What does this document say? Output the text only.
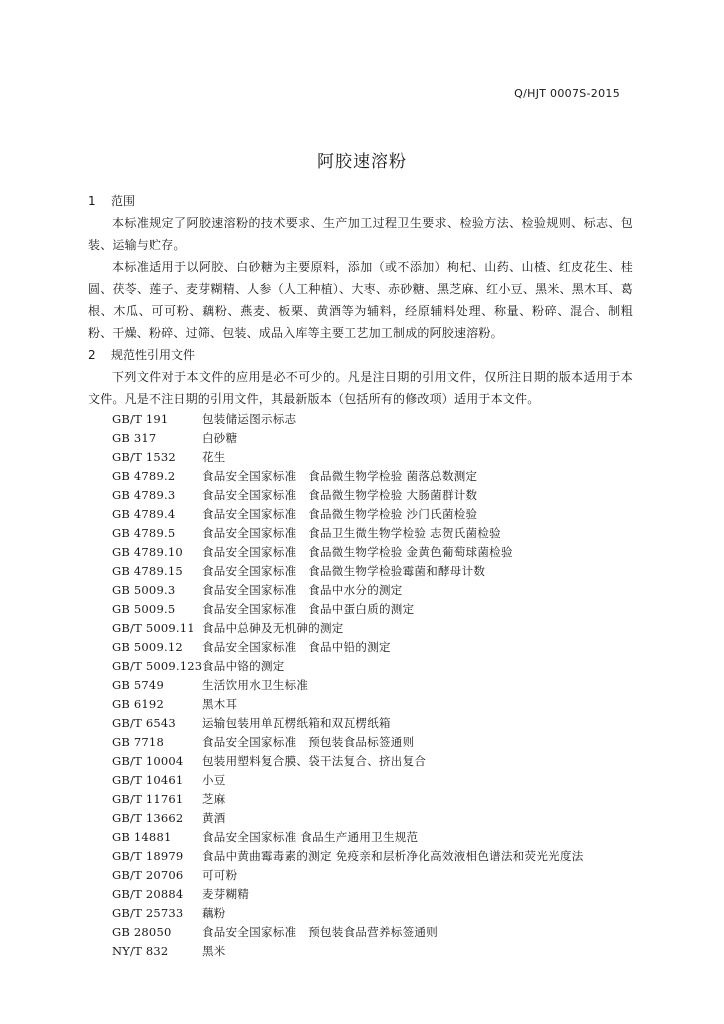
Q/HJT 0007S-2015
阿胶速溶粉
1 范围

本标准规定了阿胶速溶粉的技术要求、生产加工过程卫生要求、检验方法、检验规则、标志、包装、运输与贮存。

本标准适用于以阿胶、白砂糖为主要原料，添加（或不添加）枸杞、山药、山楂、红皮花生、桂圆、茯苓、莲子、麦芽糊精、人参（人工种植）、大枣、赤砂糖、黑芝麻、红小豆、黑米、黑木耳、葛根、木瓜、可可粉、藕粉、燕麦、板栗、黄酒等为辅料，经原辅料处理、称量、粉碎、混合、制粗粉、干燥、粉碎、过筛、包装、成品入库等主要工艺加工制成的阿胶速溶粉。

2 规范性引用文件

下列文件对于本文件的应用是必不可少的。凡是注日期的引用文件，仅所注日期的版本适用于本文件。凡是不注日期的引用文件，其最新版本（包括所有的修改项）适用于本文件。

GB/T 191	包装储运图示标志
GB 317	白砂糖
GB/T 1532	花生
GB 4789.2	食品安全国家标准　食品微生物学检验 菌落总数测定
GB 4789.3	食品安全国家标准　食品微生物学检验 大肠菌群计数
GB 4789.4	食品安全国家标准　食品微生物学检验 沙门氏菌检验
GB 4789.5	食品安全国家标准　食品卫生微生物学检验 志贺氏菌检验
GB 4789.10	食品安全国家标准　食品微生物学检验 金黄色葡萄球菌检验
GB 4789.15	食品安全国家标准　食品微生物学检验霉菌和酵母计数
GB 5009.3	食品安全国家标准　食品中水分的测定
GB 5009.5	食品安全国家标准　食品中蛋白质的测定
GB/T 5009.11 食品中总砷及无机砷的测定
GB 5009.12	食品安全国家标准　食品中铅的测定
GB/T 5009.123 食品中铬的测定
GB 5749	生活饮用水卫生标准
GB 6192	黑木耳
GB/T 6543	运输包装用单瓦楞纸箱和双瓦楞纸箱
GB 7718	食品安全国家标准　预包装食品标签通则
GB/T 10004	包装用塑料复合膜、袋干法复合、挤出复合
GB/T 10461	小豆
GB/T 11761	芝麻
GB/T 13662	黄酒
GB 14881	食品安全国家标准 食品生产通用卫生规范
GB/T 18979	食品中黄曲霉毒素的测定 免疫亲和层析净化高效液相色谱法和荧光光度法
GB/T 20706	可可粉
GB/T 20884	麦芽糊精
GB/T 25733	藕粉
GB 28050	食品安全国家标准　预包装食品营养标签通则
NY/T 832	黑米
